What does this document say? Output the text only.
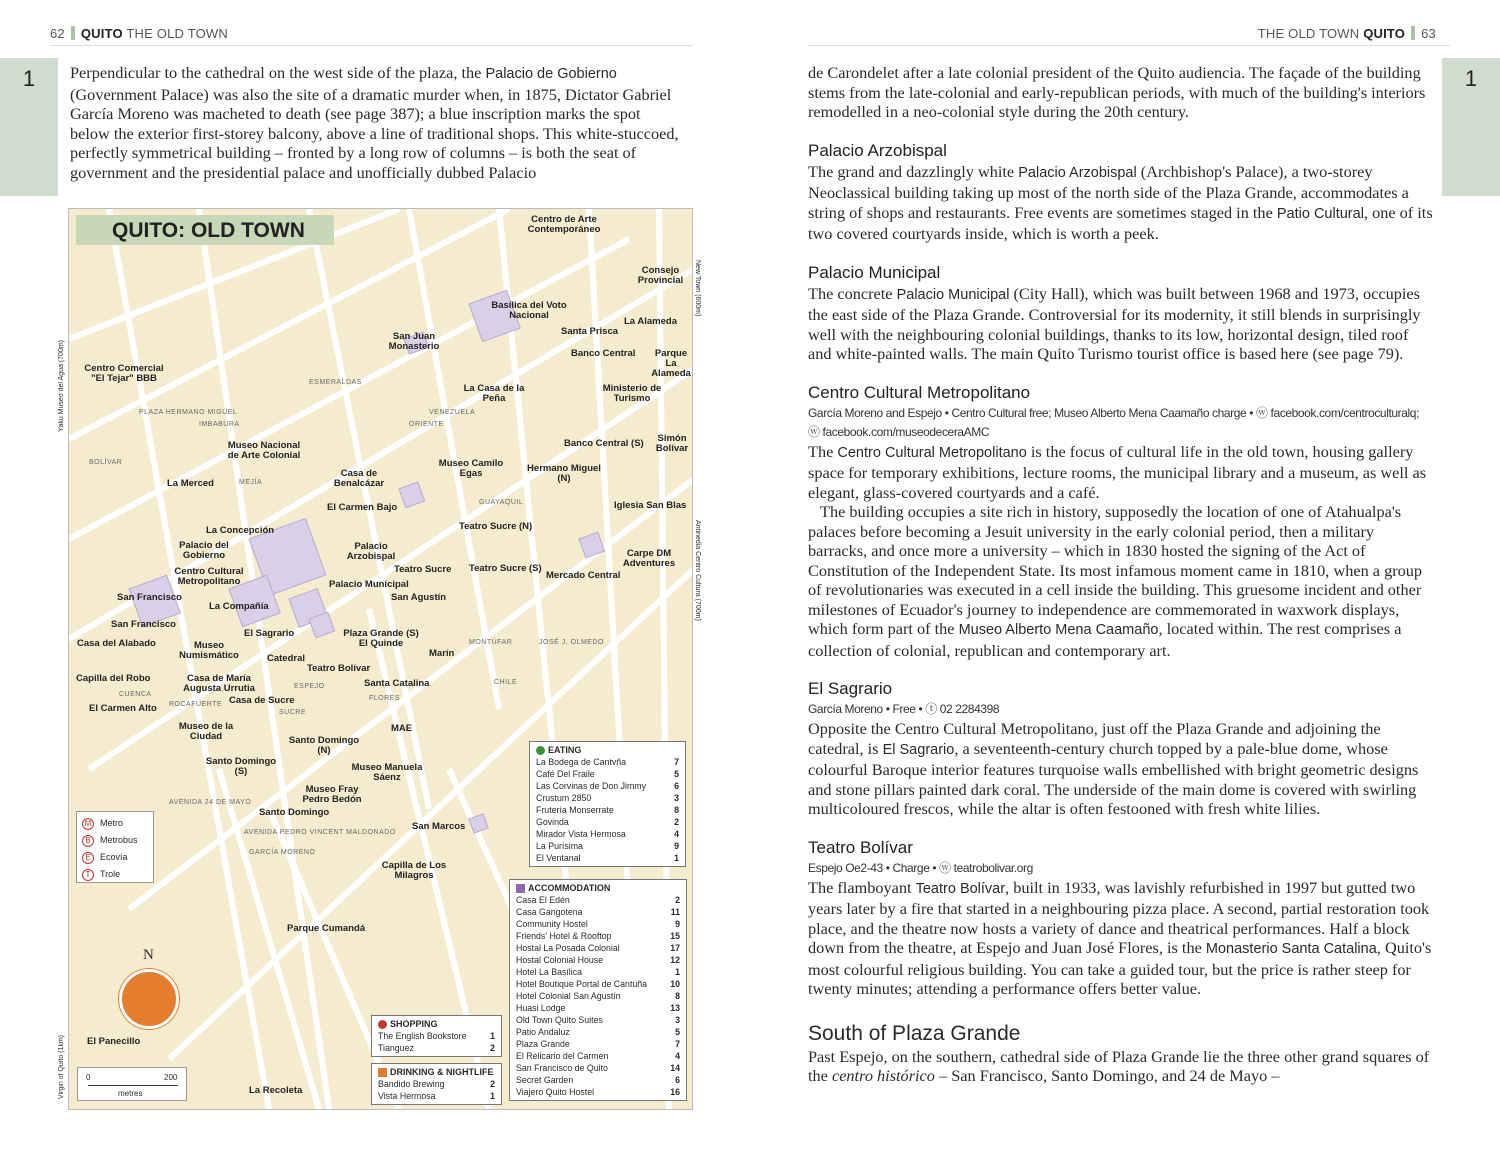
62 QUITO THE OLD TOWN
1	Perpendicular to the cathedral on the west side of the plaza, the Palacio de Gobierno (Government Palace) was also the site of a dramatic murder when, in 1875, Dictator Gabriel García Moreno was macheted to death (see page 387); a blue inscription marks the spot below the exterior first-storey balcony, above a line of traditional shops. This white-stuccoed, perfectly symmetrical building – fronted by a long row of columns – is both the seat of government and the presidential palace and unofficially dubbed Palacio
QUITO: OLD TOWN	Centro de Arte Contemporáneo
Basílica del Voto Nacional
San Juan Monasterio
Consejo Provincial
La Alameda
Santa Prisca
Banco Central	Parque La Alameda
Centro Comercial "El Tejar" BBB
La Casa de la Peña
Ministerio de Turismo
Simón Bolívar
Banco Central (S)
Museo Nacional de Arte Colonial
La Merced
Casa de Benalcázar
Museo Camilo Egas	Hermano Miguel (N)
Iglesia San Blas
El Carmen Bajo
La Concepción	Teatro Sucre (N)
Palacio del Gobierno
Palacio Arzobispal
Teatro Sucre
Carpe DM Adventures
Centro Cultural Metropolitano
Teatro Sucre (S)
Mercado Central
San Francisco
Palacio Municipal
San Agustín
La Compañía
San Francisco
El Sagrario	Plaza Grande (S) El Quinde
Casa del Alabado	Museo Numismático	Catedral	Marín
Capilla del Robo	Casa de María Augusta Urrutia
Casa de Sucre
Teatro Bolívar
Santa Catalina
El Carmen Alto
Museo de la Ciudad	Santo Domingo (N)
MAE
Museo Manuela Sáenz
Santo Domingo (S)
Museo Fray Pedro Bedón
Santo Domingo
San Marcos
Capilla de Los Milagros
Parque Cumandá
El Panecillo
La Recoleta
PLAZA HERMANO MIGUEL
GUAYAQUIL
VENEZUELA
GARCÍA MORENO
ESPEJO
CHILE
ROCAFUERTE
AVENIDA 24 DE MAYO
AVENIDA PEDRO VINCENT MALDONADO
JOSÉ J. OLMEDO
SUCRE
BOLÍVAR
FLORES
MONTÚFAR
IMBABURA
CUENCA
MEJÍA
ESMERALDAS
ORIENTE
M Metro
B Metrobus
E Ecovía
T Trole
N
0	200
metres
EATING
La Bodega de Cantvña	7
Café Del Fraile	5
Las Corvinas de Don Jimmy	6
Crustum 2850	3
Frutería Monserrate	8
Govinda	2
Mirador Vista Hermosa	4
La Purísima	9
El Ventanal	1
ACCOMMODATION
Casa El Edén	2
Casa Gangotena	11
Community Hostel	9
Friends' Hotel & Rooftop	15
Hostal La Posada Colonial	17
Hostal Colonial House	12
Hotel La Basílica	1
Hotel Boutique Portal de Cantuña	10
Hotel Colonial San Agustín	8
Huasi Lodge	13
Old Town Quito Suites	3
Patio Andaluz	5
Plaza Grande	7
El Relicario del Carmen	4
San Francisco de Quito	14
Secret Garden	6
Viajero Quito Hostel	16
SHOPPING
The English Bookstore	1
Tianguez	2
DRINKING & NIGHTLIFE
Bandido Brewing	2
Vista Hermosa	1
Yaku Museo del Agua (700m)
New Town (600m)
Antinedia Centro Cultura (700m)
Virgin of Quito (1km)
THE OLD TOWN QUITO 63
1

de Carondelet after a late colonial president of the Quito audiencia. The façade of the building stems from the late-colonial and early-republican periods, with much of the building's interiors remodelled in a neo-colonial style during the 20th century.

Palacio Arzobispal

The grand and dazzlingly white Palacio Arzobispal (Archbishop's Palace), a two-storey Neoclassical building taking up most of the north side of the Plaza Grande, accommodates a string of shops and restaurants. Free events are sometimes staged in the Patio Cultural, one of its two covered courtyards inside, which is worth a peek.

Palacio Municipal

The concrete Palacio Municipal (City Hall), which was built between 1968 and 1973, occupies the east side of the Plaza Grande. Controversial for its modernity, it still blends in surprisingly well with the neighbouring colonial buildings, thanks to its low, horizontal design, tiled roof and white-painted walls. The main Quito Turismo tourist office is based here (see page 79).

Centro Cultural Metropolitano
García Moreno and Espejo • Centro Cultural free; Museo Alberto Mena Caamaño charge • ⓦ facebook.com/centroculturalq; ⓦ facebook.com/museodeceraAMC

The Centro Cultural Metropolitano is the focus of cultural life in the old town, housing gallery space for temporary exhibitions, lecture rooms, the municipal library and a museum, as well as elegant, glass-covered courtyards and a café.

The building occupies a site rich in history, supposedly the location of one of Atahualpa's palaces before becoming a Jesuit university in the early colonial period, then a military barracks, and once more a university – which in 1830 hosted the signing of the Act of Constitution of the Independent State. Its most infamous moment came in 1810, when a group of revolutionaries was executed in a cell inside the building. This gruesome incident and other milestones of Ecuador's journey to independence are commemorated in waxwork displays, which form part of the Museo Alberto Mena Caamaño, located within. The rest comprises a collection of colonial, republican and contemporary art.

El Sagrario
García Moreno • Free • ⓣ 02 2284398

Opposite the Centro Cultural Metropolitano, just off the Plaza Grande and adjoining the catedral, is El Sagrario, a seventeenth-century church topped by a pale-blue dome, whose colourful Baroque interior features turquoise walls embellished with bright geometric designs and stone pillars painted dark coral. The underside of the main dome is covered with swirling multicoloured frescos, while the altar is often festooned with fresh white lilies.

Teatro Bolívar
Espejo Oe2-43 • Charge • ⓦ teatrobolivar.org

The flamboyant Teatro Bolívar, built in 1933, was lavishly refurbished in 1997 but gutted two years later by a fire that started in a neighbouring pizza place. A second, partial restoration took place, and the theatre now hosts a variety of dance and theatrical performances. Half a block down from the theatre, at Espejo and Juan José Flores, is the Monasterio Santa Catalina, Quito's most colourful religious building. You can take a guided tour, but the price is rather steep for twenty minutes; attending a performance offers better value.

South of Plaza Grande

Past Espejo, on the southern, cathedral side of Plaza Grande lie the three other grand squares of the centro histórico – San Francisco, Santo Domingo, and 24 de Mayo –
